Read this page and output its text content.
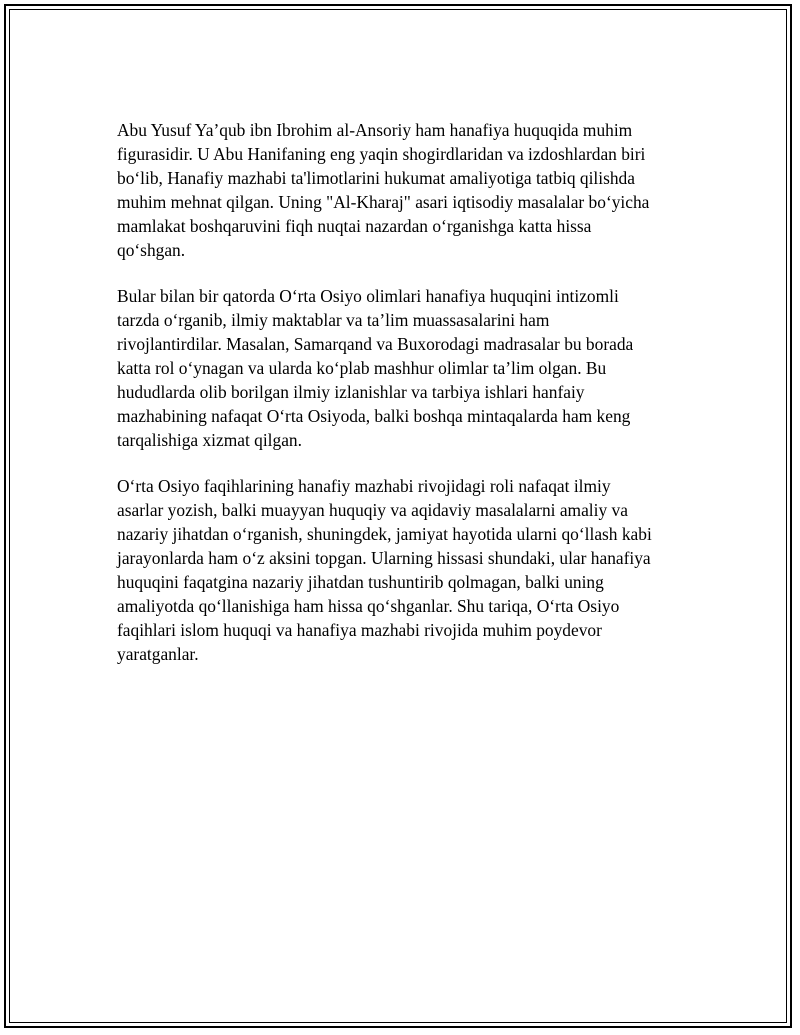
Abu Yusuf Ya’qub ibn Ibrohim al-Ansoriy ham hanafiya huquqida muhim
figurasidir. U Abu Hanifaning eng yaqin shogirdlaridan va izdoshlardan biri
bo‘lib, Hanafiy mazhabi ta'limotlarini hukumat amaliyotiga tatbiq qilishda
muhim mehnat qilgan. Uning "Al-Kharaj" asari iqtisodiy masalalar bo‘yicha
mamlakat boshqaruvini fiqh nuqtai nazardan o‘rganishga katta hissa
qo‘shgan.

Bular bilan bir qatorda O‘rta Osiyo olimlari hanafiya huquqini intizomli
tarzda o‘rganib, ilmiy maktablar va ta’lim muassasalarini ham
rivojlantirdilar. Masalan, Samarqand va Buxorodagi madrasalar bu borada
katta rol o‘ynagan va ularda ko‘plab mashhur olimlar ta’lim olgan. Bu
hududlarda olib borilgan ilmiy izlanishlar va tarbiya ishlari hanfaiy
mazhabining nafaqat O‘rta Osiyoda, balki boshqa mintaqalarda ham keng
tarqalishiga xizmat qilgan.

O‘rta Osiyo faqihlarining hanafiy mazhabi rivojidagi roli nafaqat ilmiy
asarlar yozish, balki muayyan huquqiy va aqidaviy masalalarni amaliy va
nazariy jihatdan o‘rganish, shuningdek, jamiyat hayotida ularni qo‘llash kabi
jarayonlarda ham o‘z aksini topgan. Ularning hissasi shundaki, ular hanafiya
huquqini faqatgina nazariy jihatdan tushuntirib qolmagan, balki uning
amaliyotda qo‘llanishiga ham hissa qo‘shganlar. Shu tariqa, O‘rta Osiyo
faqihlari islom huquqi va hanafiya mazhabi rivojida muhim poydevor
yaratganlar.
